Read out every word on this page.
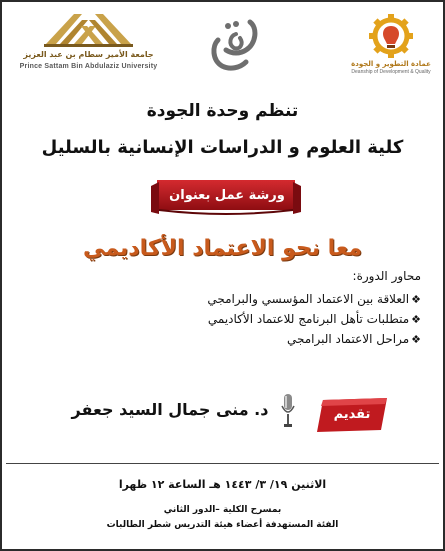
جامعة الأمير سطام بن عبد العزيز
Prince Sattam Bin Abdulaziz University	عمادة التطوير و الجودة
Deanship of Development & Quality
تنظم وحدة الجودة
كلية العلوم و الدراسات الإنسانية بالسليل
ورشة عمل بعنوان
معا نحو الاعتماد الأكاديمي
محاور الدورة:
❖العلاقة بين الاعتماد المؤسسي والبرامجي
❖متطلبات تأهل البرنامج للاعتماد الأكاديمي
❖مراحل الاعتماد البرامجي
تقديم
د. منى جمال السيد جعفر
الاثنين ١٩/ ٣/ ١٤٤٣ هـ الساعة ١٢ ظهرا
بمسرح الكلية –الدور الثاني
الفئة المستهدفة أعضاء هيئة التدريس شطر الطالبات
